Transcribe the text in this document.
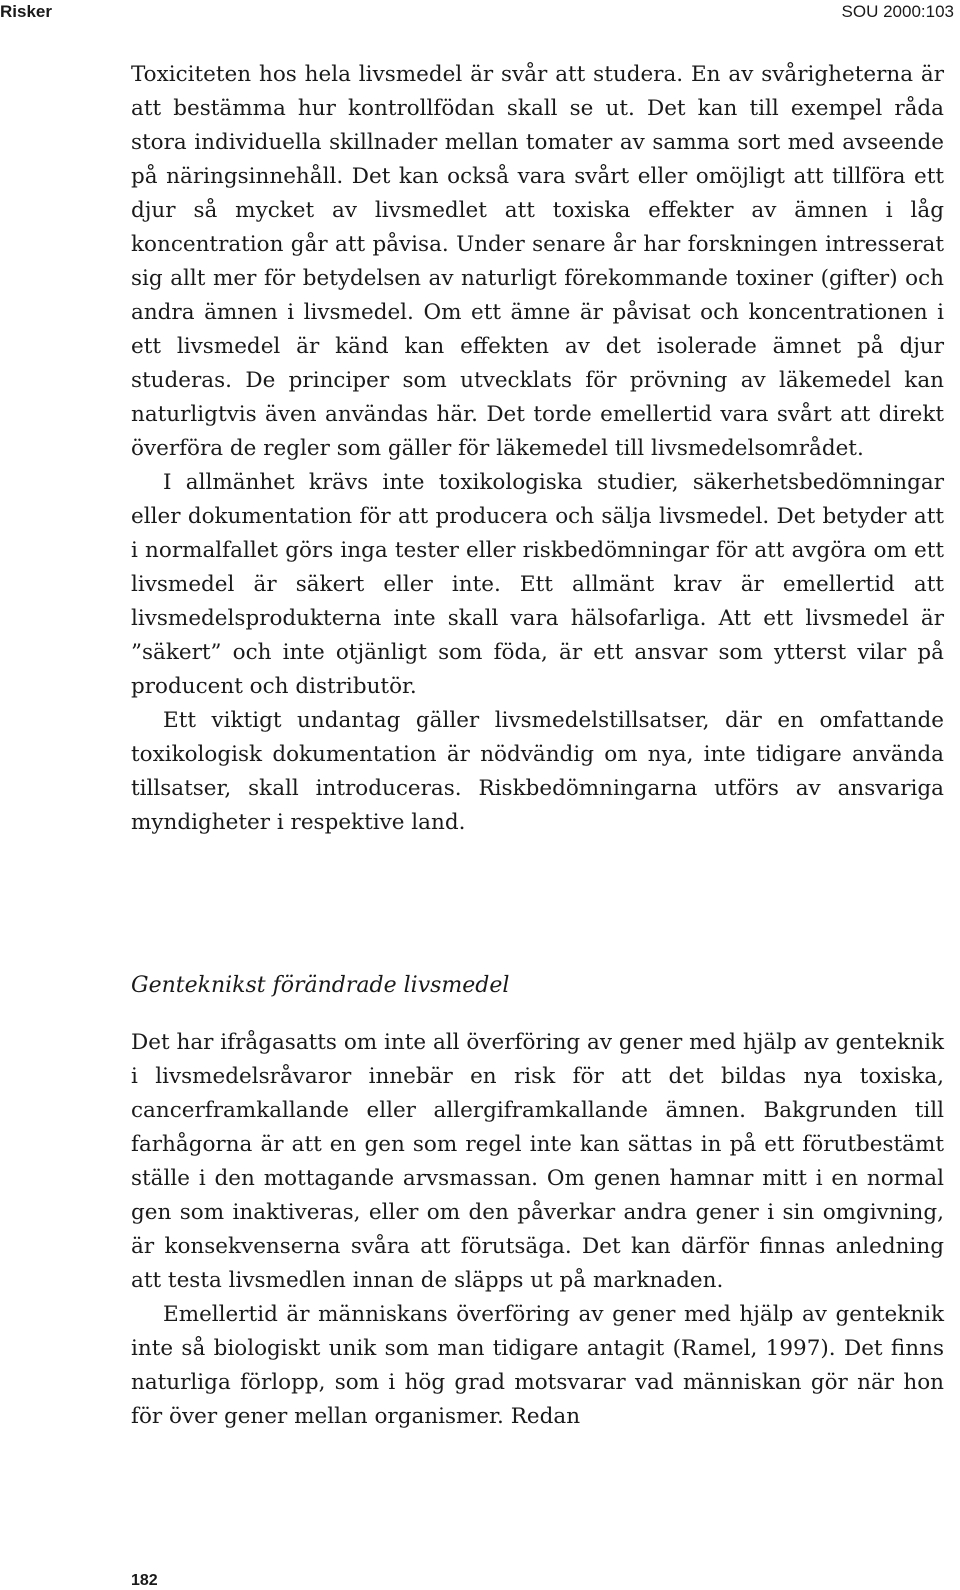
Risker	SOU 2000:103

Toxiciteten hos hela livsmedel är svår att studera. En av svårigheterna är att bestämma hur kontrollfödan skall se ut. Det kan till exempel råda stora individuella skillnader mellan tomater av samma sort med avseende på näringsinnehåll. Det kan också vara svårt eller omöjligt att tillföra ett djur så mycket av livsmedlet att toxiska effekter av ämnen i låg koncentration går att påvisa. Under senare år har forskningen intresserat sig allt mer för betydelsen av naturligt förekommande toxiner (gifter) och andra ämnen i livsmedel. Om ett ämne är påvisat och koncentrationen i ett livsmedel är känd kan effekten av det isolerade ämnet på djur studeras. De principer som utvecklats för prövning av läkemedel kan naturligtvis även användas här. Det torde emellertid vara svårt att direkt överföra de regler som gäller för läkemedel till livsmedelsområdet.

I allmänhet krävs inte toxikologiska studier, säkerhetsbedömningar eller dokumentation för att producera och sälja livsmedel. Det betyder att i normalfallet görs inga tester eller riskbedömningar för att avgöra om ett livsmedel är säkert eller inte. Ett allmänt krav är emellertid att livsmedelsprodukterna inte skall vara hälsofarliga. Att ett livsmedel är ”säkert” och inte otjänligt som föda, är ett ansvar som ytterst vilar på producent och distributör.

Ett viktigt undantag gäller livsmedelstillsatser, där en omfattande toxikologisk dokumentation är nödvändig om nya, inte tidigare använda tillsatser, skall introduceras. Riskbedömningarna utförs av ansvariga myndigheter i respektive land.

Genteknikst förändrade livsmedel

Det har ifrågasatts om inte all överföring av gener med hjälp av genteknik i livsmedelsråvaror innebär en risk för att det bildas nya toxiska, cancerframkallande eller allergiframkallande ämnen. Bakgrunden till farhågorna är att en gen som regel inte kan sättas in på ett förutbestämt ställe i den mottagande arvsmassan. Om genen hamnar mitt i en normal gen som inaktiveras, eller om den påverkar andra gener i sin omgivning, är konsekvenserna svåra att förutsäga. Det kan därför finnas anledning att testa livsmedlen innan de släpps ut på marknaden.

Emellertid är människans överföring av gener med hjälp av genteknik inte så biologiskt unik som man tidigare antagit (Ramel, 1997). Det finns naturliga förlopp, som i hög grad motsvarar vad människan gör när hon för över gener mellan organismer. Redan

182
